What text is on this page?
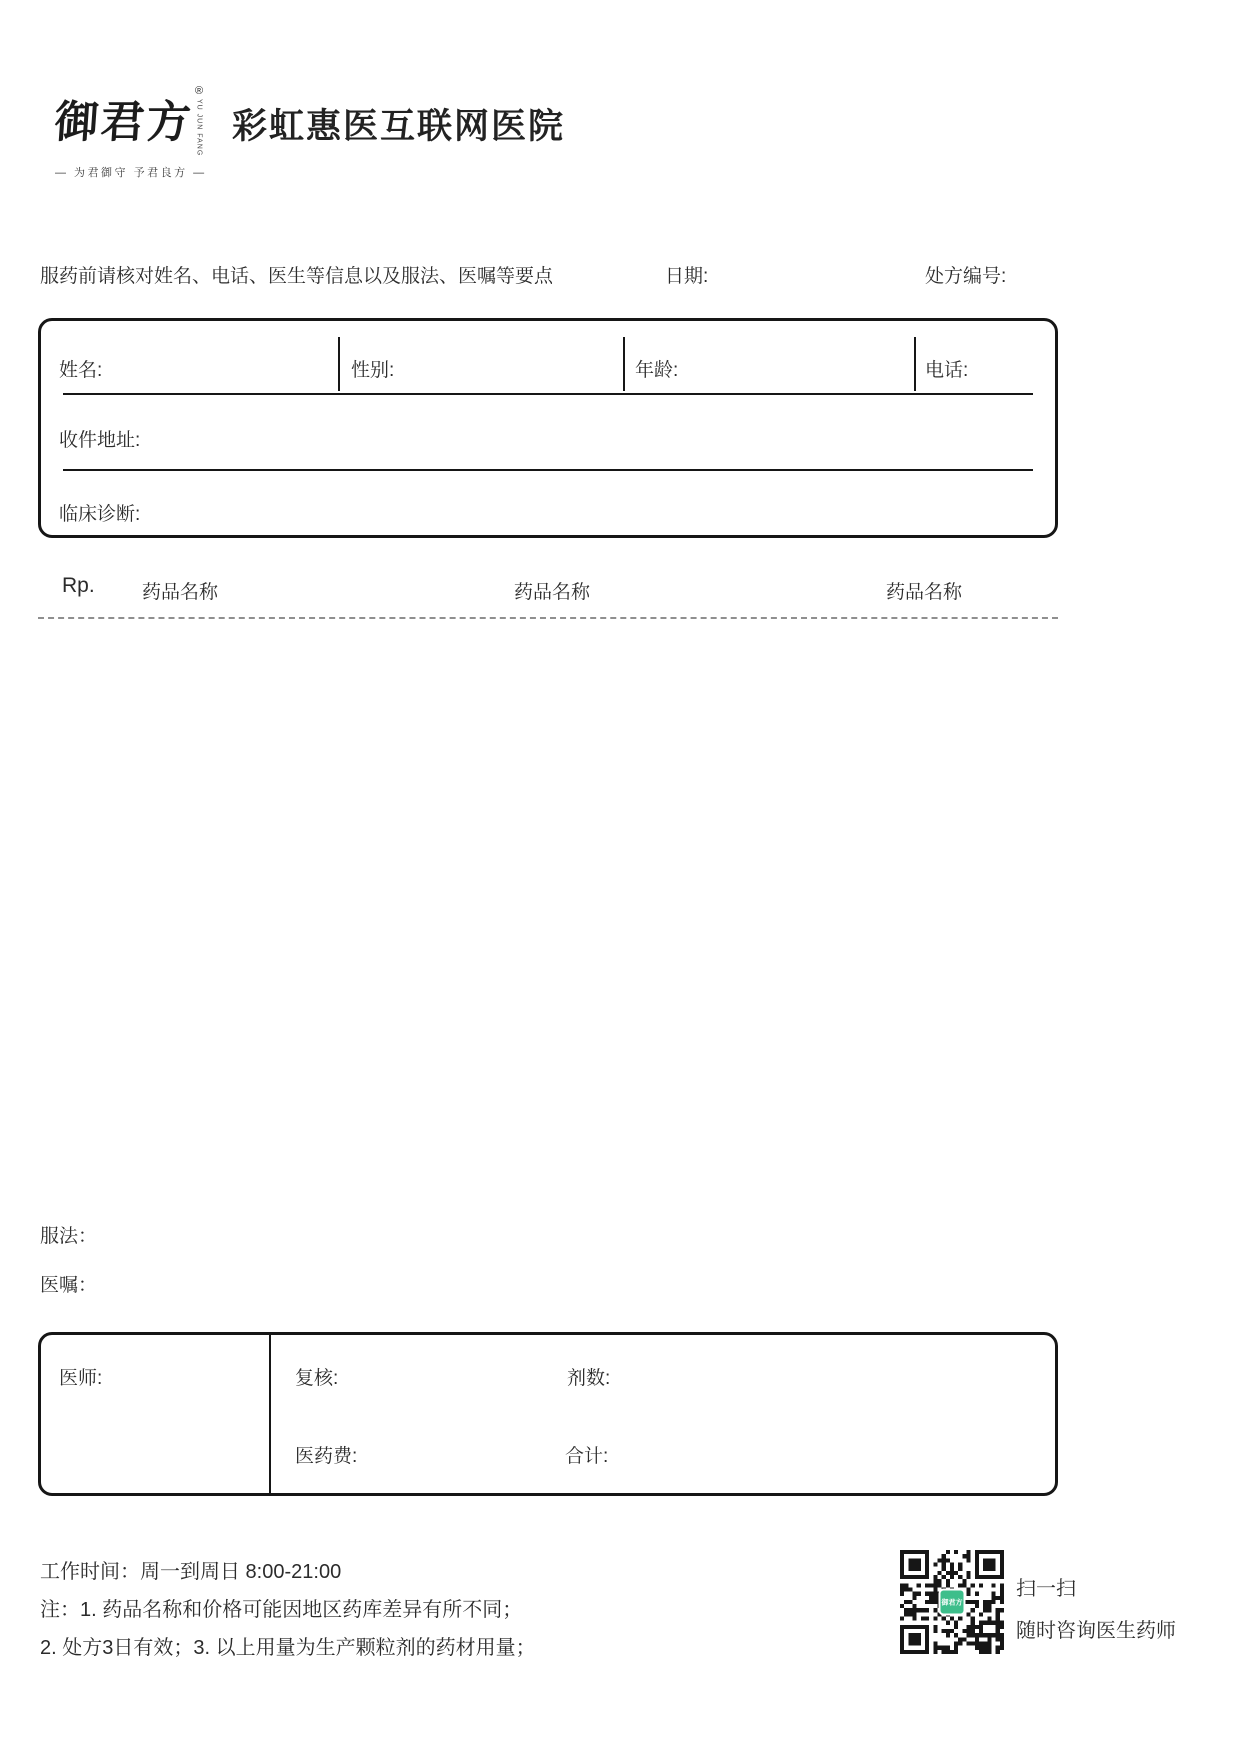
御君方
®
YU JUN FANG
— 为君御守 予君良方 —
彩虹惠医互联网医院
服药前请核对姓名、电话、医生等信息以及服法、医嘱等要点	日期:	处方编号:
姓名:	性别:	年龄:	电话:
收件地址:
临床诊断:
Rp. 药品名称	药品名称	药品名称
服法：
医嘱：
医师:	复核:	剂数:
医药费:	合计:
工作时间：周一到周日 8:00-21:00
注：1. 药品名称和价格可能因地区药库差异有所不同；
2. 处方3日有效；3. 以上用量为生产颗粒剂的药材用量；
御君方
扫一扫
随时咨询医生药师
